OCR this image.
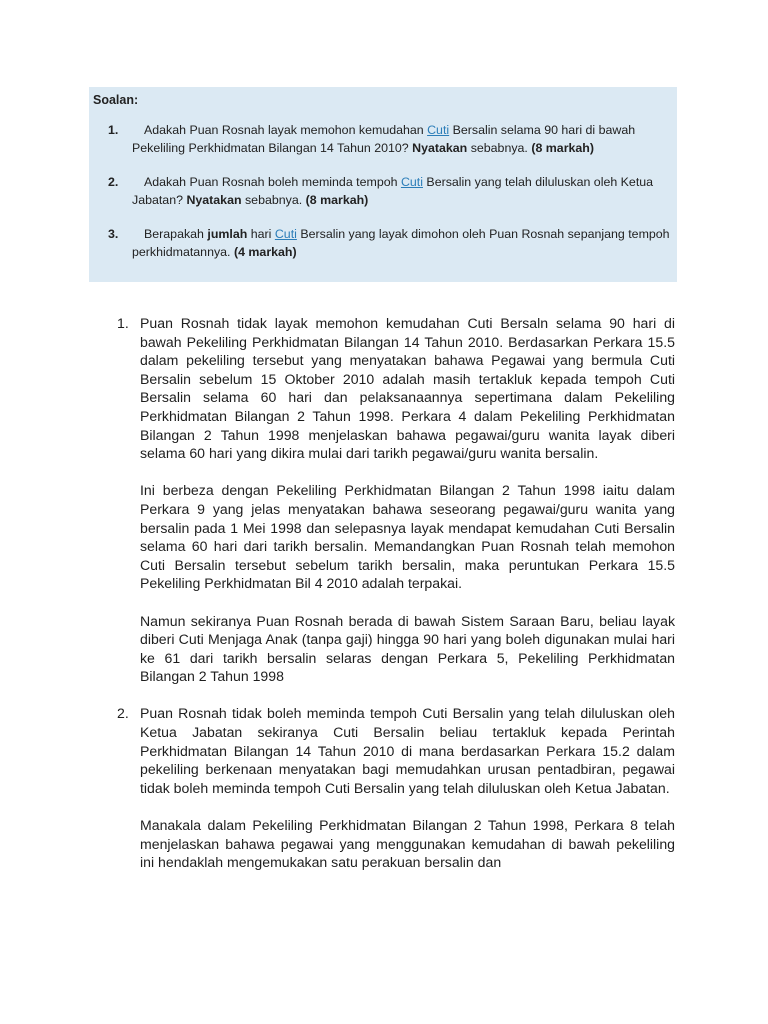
Soalan:
1. Adakah Puan Rosnah layak memohon kemudahan Cuti Bersalin selama 90 hari di bawah Pekeliling Perkhidmatan Bilangan 14 Tahun 2010? Nyatakan sebabnya. (8 markah)
2. Adakah Puan Rosnah boleh meminda tempoh Cuti Bersalin yang telah diluluskan oleh Ketua Jabatan? Nyatakan sebabnya. (8 markah)
3. Berapakah jumlah hari Cuti Bersalin yang layak dimohon oleh Puan Rosnah sepanjang tempoh perkhidmatannya. (4 markah)
1. Puan Rosnah tidak layak memohon kemudahan Cuti Bersaln selama 90 hari di bawah Pekeliling Perkhidmatan Bilangan 14 Tahun 2010. Berdasarkan Perkara 15.5 dalam pekeliling tersebut yang menyatakan bahawa Pegawai yang bermula Cuti Bersalin sebelum 15 Oktober 2010 adalah masih tertakluk kepada tempoh Cuti Bersalin selama 60 hari dan pelaksanaannya sepertimana dalam Pekeliling Perkhidmatan Bilangan 2 Tahun 1998. Perkara 4 dalam Pekeliling Perkhidmatan Bilangan 2 Tahun 1998 menjelaskan bahawa pegawai/guru wanita layak diberi selama 60 hari yang dikira mulai dari tarikh pegawai/guru wanita bersalin.

Ini berbeza dengan Pekeliling Perkhidmatan Bilangan 2 Tahun 1998 iaitu dalam Perkara 9 yang jelas menyatakan bahawa seseorang pegawai/guru wanita yang bersalin pada 1 Mei 1998 dan selepasnya layak mendapat kemudahan Cuti Bersalin selama 60 hari dari tarikh bersalin. Memandangkan Puan Rosnah telah memohon Cuti Bersalin tersebut sebelum tarikh bersalin, maka peruntukan Perkara 15.5 Pekeliling Perkhidmatan Bil 4 2010 adalah terpakai.

Namun sekiranya Puan Rosnah berada di bawah Sistem Saraan Baru, beliau layak diberi Cuti Menjaga Anak (tanpa gaji) hingga 90 hari yang boleh digunakan mulai hari ke 61 dari tarikh bersalin selaras dengan Perkara 5, Pekeliling Perkhidmatan Bilangan 2 Tahun 1998

2. Puan Rosnah tidak boleh meminda tempoh Cuti Bersalin yang telah diluluskan oleh Ketua Jabatan sekiranya Cuti Bersalin beliau tertakluk kepada Perintah Perkhidmatan Bilangan 14 Tahun 2010 di mana berdasarkan Perkara 15.2 dalam pekeliling berkenaan menyatakan bagi memudahkan urusan pentadbiran, pegawai tidak boleh meminda tempoh Cuti Bersalin yang telah diluluskan oleh Ketua Jabatan.

Manakala dalam Pekeliling Perkhidmatan Bilangan 2 Tahun 1998, Perkara 8 telah menjelaskan bahawa pegawai yang menggunakan kemudahan di bawah pekeliling ini hendaklah mengemukakan satu perakuan bersalin dan
